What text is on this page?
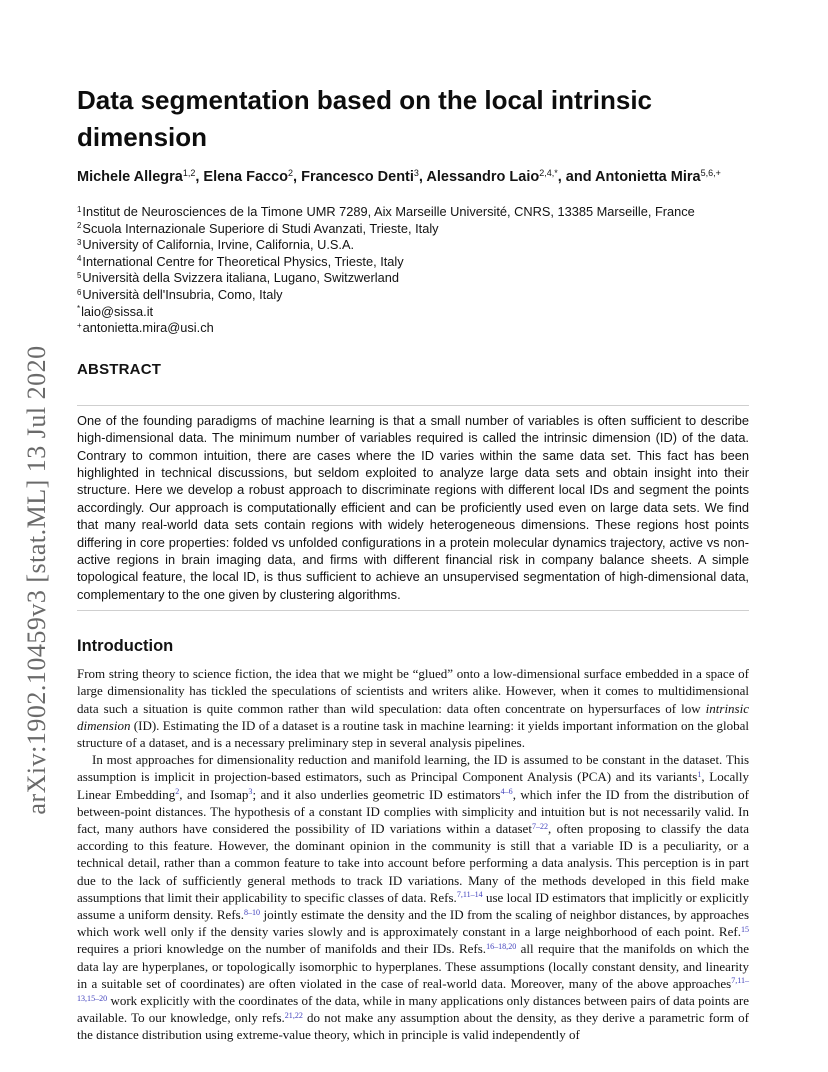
arXiv:1902.10459v3 [stat.ML] 13 Jul 2020
Data segmentation based on the local intrinsic dimension
Michele Allegra$^{1,2}$, Elena Facco$^2$, Francesco Denti$^3$, Alessandro Laio$^{2,4,*}$, and Antonietta Mira$^{5,6,+}$
$^1$Institut de Neurosciences de la Timone UMR 7289, Aix Marseille Université, CNRS, 13385 Marseille, France
$^2$Scuola Internazionale Superiore di Studi Avanzati, Trieste, Italy
$^3$University of California, Irvine, California, U.S.A.
$^4$International Centre for Theoretical Physics, Trieste, Italy
$^5$Università della Svizzera italiana, Lugano, Switzwerland
$^6$Università dell'Insubria, Como, Italy
*laio@sissa.it
+antonietta.mira@usi.ch
ABSTRACT

One of the founding paradigms of machine learning is that a small number of variables is often sufficient to describe high-dimensional data. The minimum number of variables required is called the intrinsic dimension (ID) of the data. Contrary to common intuition, there are cases where the ID varies within the same data set. This fact has been highlighted in technical discussions, but seldom exploited to analyze large data sets and obtain insight into their structure. Here we develop a robust approach to discriminate regions with different local IDs and segment the points accordingly. Our approach is computationally efficient and can be proficiently used even on large data sets. We find that many real-world data sets contain regions with widely heterogeneous dimensions. These regions host points differing in core properties: folded vs unfolded configurations in a protein molecular dynamics trajectory, active vs non-active regions in brain imaging data, and firms with different financial risk in company balance sheets. A simple topological feature, the local ID, is thus sufficient to achieve an unsupervised segmentation of high-dimensional data, complementary to the one given by clustering algorithms.

Introduction

From string theory to science fiction, the idea that we might be “glued” onto a low-dimensional surface embedded in a space of large dimensionality has tickled the speculations of scientists and writers alike. However, when it comes to multidimensional data such a situation is quite common rather than wild speculation: data often concentrate on hypersurfaces of low intrinsic dimension (ID). Estimating the ID of a dataset is a routine task in machine learning: it yields important information on the global structure of a dataset, and is a necessary preliminary step in several analysis pipelines.

In most approaches for dimensionality reduction and manifold learning, the ID is assumed to be constant in the dataset. This assumption is implicit in projection-based estimators, such as Principal Component Analysis (PCA) and its variants$^1$, Locally Linear Embedding$^2$, and Isomap$^3$; and it also underlies geometric ID estimators$^{4-6}$, which infer the ID from the distribution of between-point distances. The hypothesis of a constant ID complies with simplicity and intuition but is not necessarily valid. In fact, many authors have considered the possibility of ID variations within a dataset$^{7-22}$, often proposing to classify the data according to this feature. However, the dominant opinion in the community is still that a variable ID is a peculiarity, or a technical detail, rather than a common feature to take into account before performing a data analysis. This perception is in part due to the lack of sufficiently general methods to track ID variations. Many of the methods developed in this field make assumptions that limit their applicability to specific classes of data. Refs.$^{7,11-14}$ use local ID estimators that implicitly or explicitly assume a uniform density. Refs.$^{8-10}$ jointly estimate the density and the ID from the scaling of neighbor distances, by approaches which work well only if the density varies slowly and is approximately constant in a large neighborhood of each point. Ref.$^{15}$ requires a priori knowledge on the number of manifolds and their IDs. Refs.$^{16-18,20}$ all require that the manifolds on which the data lay are hyperplanes, or topologically isomorphic to hyperplanes. These assumptions (locally constant density, and linearity in a suitable set of coordinates) are often violated in the case of real-world data. Moreover, many of the above approaches$^{7,11-13,15-20}$ work explicitly with the coordinates of the data, while in many applications only distances between pairs of data points are available. To our knowledge, only refs.$^{21,22}$ do not make any assumption about the density, as they derive a parametric form of the distance distribution using extreme-value theory, which in principle is valid independently of
